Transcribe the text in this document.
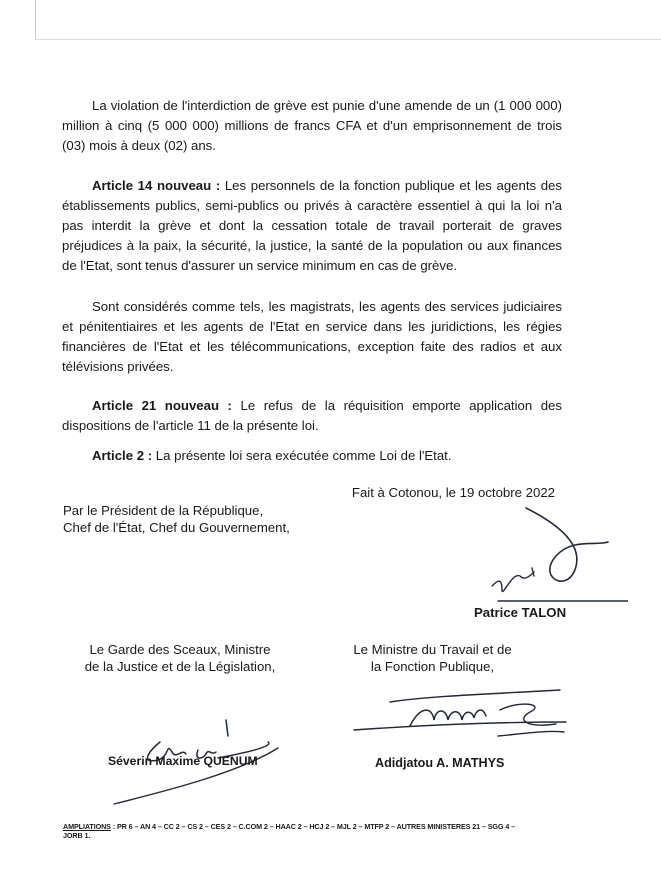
La violation de l'interdiction de grève est punie d'une amende de un (1 000 000) million à cinq (5 000 000) millions de francs CFA et d'un emprisonnement de trois (03) mois à deux (02) ans.

Article 14 nouveau : Les personnels de la fonction publique et les agents des établissements publics, semi-publics ou privés à caractère essentiel à qui la loi n'a pas interdit la grève et dont la cessation totale de travail porterait de graves préjudices à la paix, la sécurité, la justice, la santé de la population ou aux finances de l'Etat, sont tenus d'assurer un service minimum en cas de grève.

Sont considérés comme tels, les magistrats, les agents des services judiciaires et pénitentiaires et les agents de l'Etat en service dans les juridictions, les régies financières de l'Etat et les télécommunications, exception faite des radios et aux télévisions privées.

Article 21 nouveau : Le refus de la réquisition emporte application des dispositions de l'article 11 de la présente loi.

Article 2 : La présente loi sera exécutée comme Loi de l'Etat.

Fait à Cotonou, le 19 octobre 2022

Par le Président de la République,

Chef de l'État, Chef du Gouvernement,

Patrice TALON

Le Garde des Sceaux, Ministre

de la Justice et de la Législation,

Le Ministre du Travail et de

la Fonction Publique,

Séverin Maxime QUENUM	Adidjatou A. MATHYS

AMPLIATIONS : PR 6 – AN 4 – CC 2 – CS 2 – CES 2 – C.COM 2 – HAAC 2 – HCJ 2 – MJL 2 – MTFP 2 – AUTRES MINISTERES 21 – SGG 4 – JORB 1.
